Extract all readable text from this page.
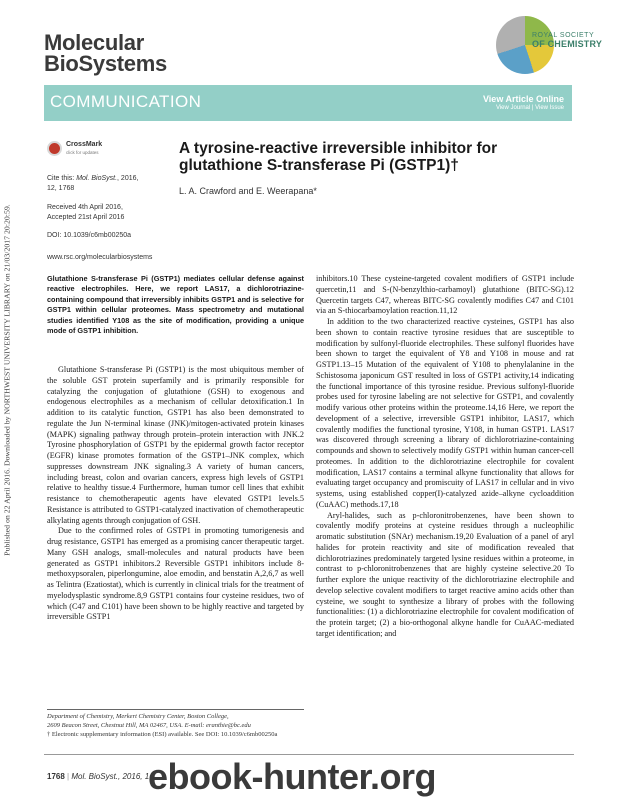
Published on 22 April 2016. Downloaded by NORTHWEST UNIVERSITY LIBRARY on 21/03/2017 20:20:59.
Molecular
BioSystems
ROYAL SOCIETY
OF CHEMISTRY
COMMUNICATION	View Article Online
View Journal | View Issue
CrossMark
click for updates
Cite this: Mol. BioSyst., 2016,
12, 1768
Received 4th April 2016,
Accepted 21st April 2016
DOI: 10.1039/c6mb00250a
www.rsc.org/molecularbiosystems
A tyrosine-reactive irreversible inhibitor for
glutathione S-transferase Pi (GSTP1)†
L. A. Crawford and E. Weerapana*
Glutathione S-transferase Pi (GSTP1) mediates cellular defense against reactive electrophiles. Here, we report LAS17, a dichlorotriazine-containing compound that irreversibly inhibits GSTP1 and is selective for GSTP1 within cellular proteomes. Mass spectrometry and mutational studies identified Y108 as the site of modification, providing a unique mode of GSTP1 inhibition.

Glutathione S-transferase Pi (GSTP1) is the most ubiquitous member of the soluble GST protein superfamily and is primarily responsible for catalyzing the conjugation of glutathione (GSH) to exogenous and endogenous electrophiles as a mechanism of cellular detoxification.1 In addition to its catalytic function, GSTP1 has also been demonstrated to regulate the Jun N-terminal kinase (JNK)/mitogen-activated protein kinases (MAPK) signaling pathway through protein–protein interaction with JNK.2 Tyrosine phosphorylation of GSTP1 by the epidermal growth factor receptor (EGFR) kinase promotes formation of the GSTP1–JNK complex, which suppresses downstream JNK signaling.3 A variety of human cancers, including breast, colon and ovarian cancers, express high levels of GSTP1 relative to healthy tissue.4 Furthermore, human tumor cell lines that exhibit resistance to chemotherapeutic agents have elevated GSTP1 levels.5 Resistance is attributed to GSTP1-catalyzed inactivation of chemotherapeutic alkylating agents through conjugation of GSH.

Due to the confirmed roles of GSTP1 in promoting tumorigenesis and drug resistance, GSTP1 has emerged as a promising cancer therapeutic target. Many GSH analogs, small-molecules and natural products have been generated as GSTP1 inhibitors.2 Reversible GSTP1 inhibitors include 8-methoxypsoralen, piperlongumine, aloe emodin, and benstatin A,2,6,7 as well as Telintra (Ezatiostat), which is currently in clinical trials for the treatment of myelodysplastic syndrome.8,9 GSTP1 contains four cysteine residues, two of which (C47 and C101) have been shown to be highly reactive and targeted by irreversible GSTP1

inhibitors.10 These cysteine-targeted covalent modifiers of GSTP1 include quercetin,11 and S-(N-benzylthio-carbamoyl) glutathione (BITC-SG).12 Quercetin targets C47, whereas BITC-SG covalently modifies C47 and C101 via an S-thiocarbamoylation reaction.11,12

In addition to the two characterized reactive cysteines, GSTP1 has also been shown to contain reactive tyrosine residues that are susceptible to modification by sulfonyl-fluoride electrophiles. These sulfonyl fluorides have been shown to target the equivalent of Y8 and Y108 in mouse and rat GSTP1.13–15 Mutation of the equivalent of Y108 to phenylalanine in the Schistosoma japonicum GST resulted in loss of GSTP1 activity,14 indicating the functional importance of this tyrosine residue. Previous sulfonyl-fluoride probes used for tyrosine labeling are not selective for GSTP1, and covalently modify various other proteins within the proteome.14,16 Here, we report the development of a selective, irreversible GSTP1 inhibitor, LAS17, which covalently modifies the functional tyrosine, Y108, in human GSTP1. LAS17 was discovered through screening a library of dichlorotriazine-containing compounds and shown to selectively modify GSTP1 within human cancer-cell proteomes. In addition to the dichlorotriazine electrophile for covalent modification, LAS17 contains a terminal alkyne functionality that allows for evaluating target occupancy and promiscuity of LAS17 in cellular and in vivo systems, using established copper(I)-catalyzed azide–alkyne cycloaddition (CuAAC) methods.17,18

Aryl-halides, such as p-chloronitrobenzenes, have been shown to covalently modify proteins at cysteine residues through a nucleophilic aromatic substitution (SNAr) mechanism.19,20 Evaluation of a panel of aryl halides for protein reactivity and site of modification revealed that dichlorotriazines predominately targeted lysine residues within a proteome, in contrast to p-chloronitrobenzenes that are highly cysteine selective.20 To further explore the unique reactivity of the dichlorotriazine electrophile and develop selective covalent modifiers to target reactive amino acids other than cysteine, we sought to synthesize a library of probes with the following functionalities: (1) a dichlorotriazine electrophile for covalent modification of the protein target; (2) a bio-orthogonal alkyne handle for CuAAC-mediated target identification; and

Department of Chemistry, Merkert Chemistry Center, Boston College,
2609 Beacon Street, Chestnut Hill, MA 02467, USA. E-mail: eranthie@bc.edu
† Electronic supplementary information (ESI) available. See DOI: 10.1039/c6mb00250a
1768 | Mol. BioSyst., 2016, 1
ebook-hunter.org
